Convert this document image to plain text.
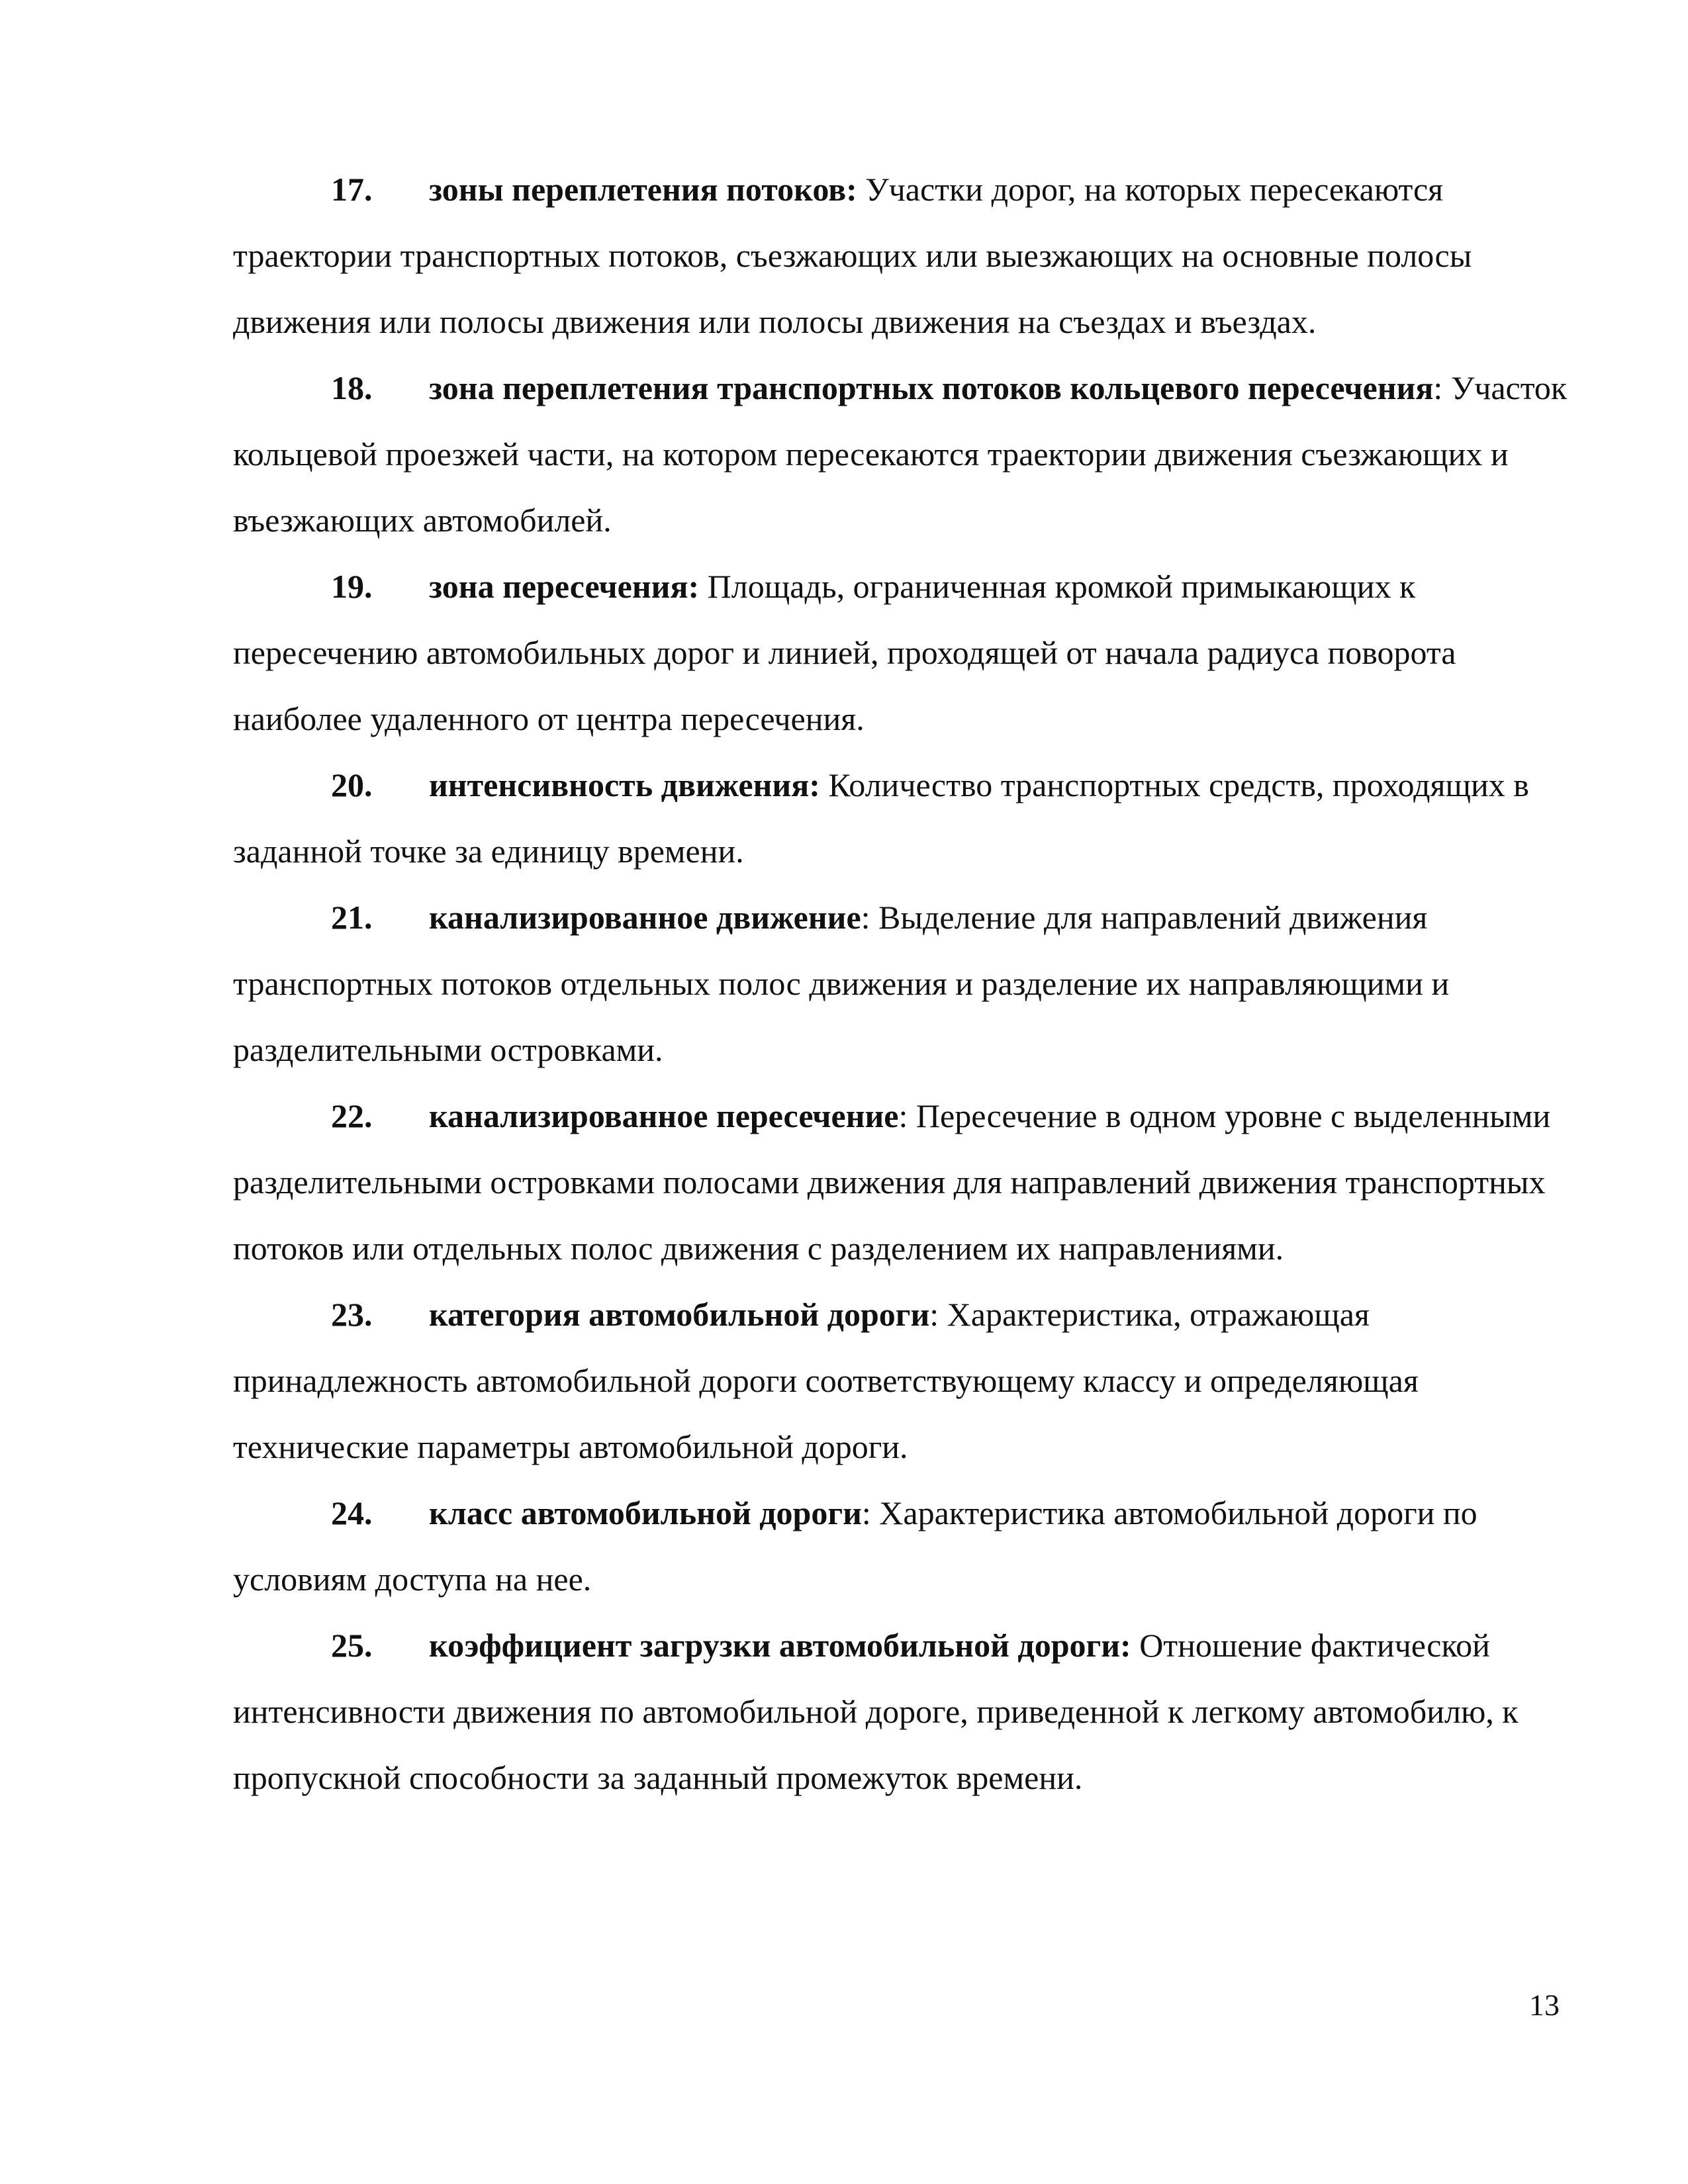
17. зоны переплетения потоков: Участки дорог, на которых пересекаются траектории транспортных потоков, съезжающих или выезжающих на основные полосы движения или полосы движения или полосы движения на съездах и въездах.

18. зона переплетения транспортных потоков кольцевого пересечения: Участок кольцевой проезжей части, на котором пересекаются траектории движения съезжающих и въезжающих автомобилей.

19. зона пересечения: Площадь, ограниченная кромкой примыкающих к пересечению автомобильных дорог и линией, проходящей от начала радиуса поворота наиболее удаленного от центра пересечения.

20. интенсивность движения: Количество транспортных средств, проходящих в заданной точке за единицу времени.

21. канализированное движение: Выделение для направлений движения транспортных потоков отдельных полос движения и разделение их направляющими и разделительными островками.

22. канализированное пересечение: Пересечение в одном уровне с выделенными разделительными островками полосами движения для направлений движения транспортных потоков или отдельных полос движения с разделением их направлениями.

23. категория автомобильной дороги: Характеристика, отражающая принадлежность автомобильной дороги соответствующему классу и определяющая технические параметры автомобильной дороги.

24. класс автомобильной дороги: Характеристика автомобильной дороги по условиям доступа на нее.

25. коэффициент загрузки автомобильной дороги: Отношение фактической интенсивности движения по автомобильной дороге, приведенной к легкому автомобилю, к пропускной способности за заданный промежуток времени.

13
